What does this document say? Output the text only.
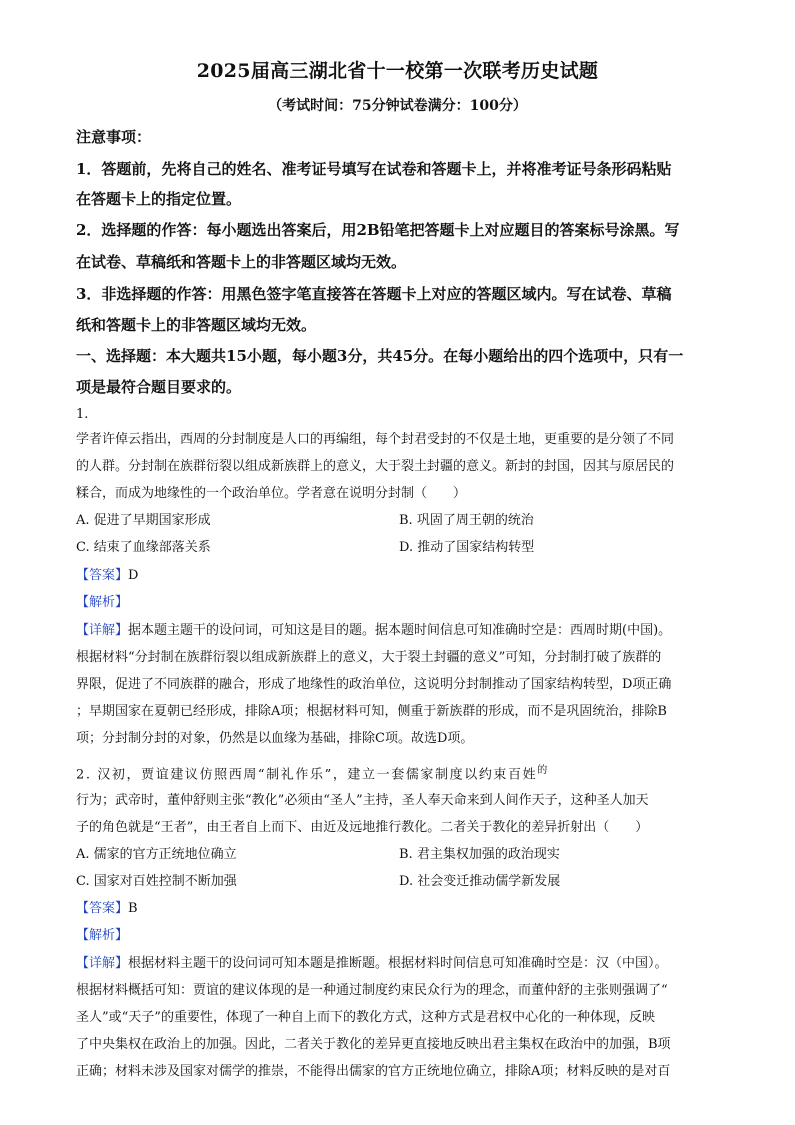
2025届高三湖北省十一校第一次联考历史试题
（考试时间：75分钟试卷满分：100分）
注意事项：
1．答题前，先将自己的姓名、准考证号填写在试卷和答题卡上，并将准考证号条形码粘贴
在答题卡上的指定位置。
2．选择题的作答：每小题选出答案后，用2B铅笔把答题卡上对应题目的答案标号涂黑。写
在试卷、草稿纸和答题卡上的非答题区域均无效。
3．非选择题的作答：用黑色签字笔直接答在答题卡上对应的答题区域内。写在试卷、草稿
纸和答题卡上的非答题区域均无效。
一、选择题：本大题共15小题，每小题3分，共45分。在每小题给出的四个选项中，只有一
项是最符合题目要求的。
1.
学者许倬云指出，西周的分封制度是人口的再编组，每个封君受封的不仅是土地，更重要的是分领了不同
的人群。分封制在族群衍裂以组成新族群上的意义，大于裂土封疆的意义。新封的封国，因其与原居民的
糅合，而成为地缘性的一个政治单位。学者意在说明分封制（　　）
A. 促进了早期国家形成	B. 巩固了周王朝的统治
C. 结束了血缘部落关系	D. 推动了国家结构转型
【答案】D
【解析】
【详解】据本题主题干的设问词，可知这是目的题。据本题时间信息可知准确时空是：西周时期(中国)。
根据材料“分封制在族群衍裂以组成新族群上的意义，大于裂土封疆的意义”可知，分封制打破了族群的
界限，促进了不同族群的融合，形成了地缘性的政治单位，这说明分封制推动了国家结构转型，D项正确
；早期国家在夏朝已经形成，排除A项；根据材料可知，侧重于新族群的形成，而不是巩固统治，排除B
项；分封制分封的对象，仍然是以血缘为基础，排除C项。故选D项。
2. 汉初，贾谊建议仿照西周“制礼作乐”，建立一套儒家制度以约束百姓$^的$
行为；武帝时，董仲舒则主张“教化”必须由“圣人”主持，圣人奉天命来到人间作天子，这种圣人加天
子的角色就是“王者”，由王者自上而下、由近及远地推行教化。二者关于教化的差异折射出（　　）
A. 儒家的官方正统地位确立	B. 君主集权加强的政治现实
C. 国家对百姓控制不断加强	D. 社会变迁推动儒学新发展
【答案】B
【解析】
【详解】根据材料主题干的设问词可知本题是推断题。根据材料时间信息可知准确时空是：汉（中国）。
根据材料概括可知：贾谊的建议体现的是一种通过制度约束民众行为的理念，而董仲舒的主张则强调了“
圣人”或“天子”的重要性，体现了一种自上而下的教化方式，这种方式是君权中心化的一种体现，反映
了中央集权在政治上的加强。因此，二者关于教化的差异更直接地反映出君主集权在政治中的加强，B项
正确；材料未涉及国家对儒学的推崇，不能得出儒家的官方正统地位确立，排除A项；材料反映的是对百
